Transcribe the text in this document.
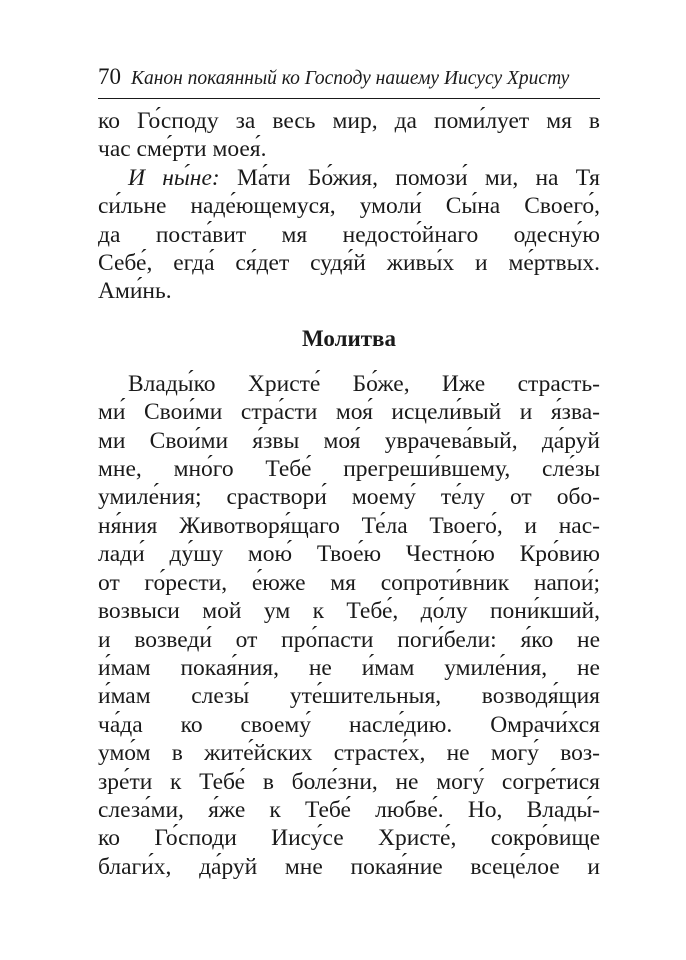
70 Канон покаянный ко Господу нашему Иисусу Христу
ко Го́споду за весь мир, да поми́лует мя в
час сме́рти моея́.
И ны́не: Ма́ти Бо́жия, помози́ ми, на Тя
си́льне наде́ющемуся, умоли́ Сы́на Своего́,
да поста́вит мя недосто́йнаго одесну́ю
Себе́, егда́ ся́дет судя́й живы́х и ме́ртвых.
Ами́нь.
Молитва
Влады́ко Христе́ Бо́же, Иже страсть-
ми́ Свои́ми стра́сти моя́ исцели́вый и я́зва-
ми Свои́ми я́звы моя́ уврачева́вый, да́руй
мне, мно́го Тебе́ прегреши́вшему, сле́зы
умиле́ния; сраствори́ моему́ те́лу от обо-
ня́ния Животворя́щаго Те́ла Твоего́, и нас-
лади́ ду́шу мою́ Твое́ю Честно́ю Кро́вию
от го́рести, е́юже мя сопроти́вник напои́;
возвыси мой ум к Тебе́, до́лу пони́кший,
и возведи́ от про́пасти поги́бели: я́ко не
и́мам покая́ния, не и́мам умиле́ния, не
и́мам слезы́ уте́шительныя, возводя́щия
ча́да ко своему́ насле́дию. Омрачи́хся
умо́м в жите́йских страсте́х, не могу́ воз-
зре́ти к Тебе́ в боле́зни, не могу́ согре́тися
слеза́ми, я́же к Тебе́ любве́. Но, Влады́-
ко Го́споди Иису́се Христе́, сокро́вище
благи́х, да́руй мне покая́ние всеце́лое и
